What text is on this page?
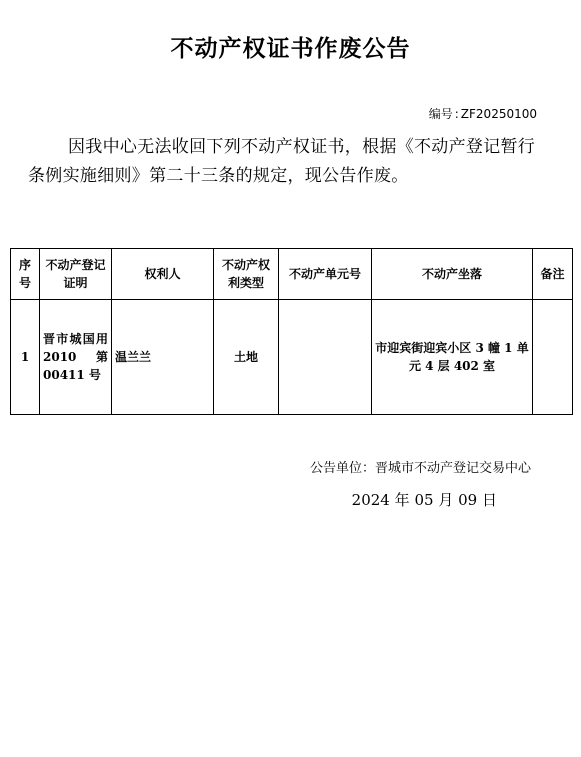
不动产权证书作废公告
编号 : ZF20250100
因我中心无法收回下列不动产权证书，根据《不动产登记暂行条例实施细则》第二十三条的规定，现公告作废。
序号	不动产登记证明	权利人	不动产权利类型	不动产单元号	不动产坐落	备注
1	晋市城国用 2010 第 00411 号	温兰兰	土地		市迎宾街迎宾小区 3 幢 1 单元 4 层 402 室	
公告单位：晋城市不动产登记交易中心
2024 年 05 月 09 日
